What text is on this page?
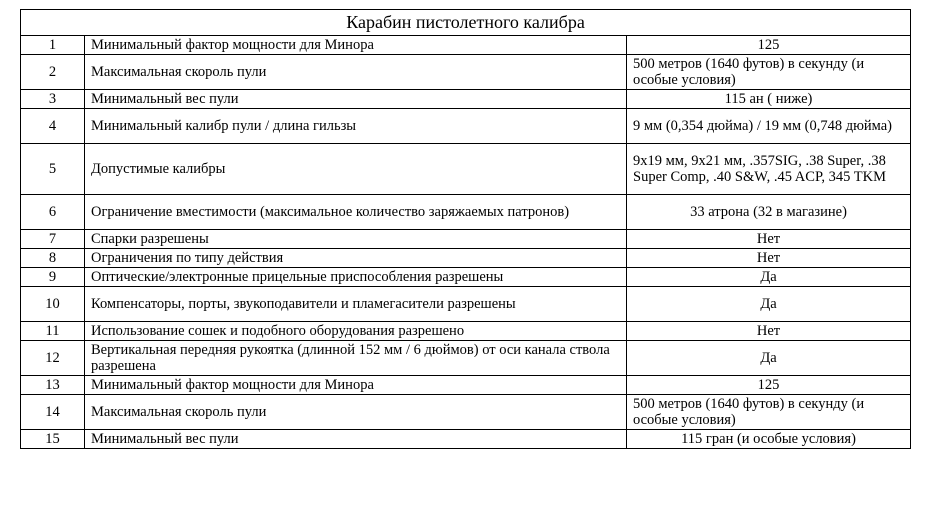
Карабин пистолетного калибра		
1	Минимальный фактор мощности для Минора	125
2	Максимальная скороль пули	500 метров (1640 футов) в секунду (и особые условия)
3	Минимальный вес пули	115 ан ( ниже)
4	Минимальный калибр пули / длина гильзы	9 мм (0,354 дюйма) / 19 мм (0,748 дюйма)
5	Допустимые калибры	9x19 мм, 9x21 мм, .357SIG, .38 Super, .38 Super Comp, .40 S&W, .45 ACP, 345 TKM
6	Ограничение вместимости (максимальное количество заряжаемых патронов)	33 атрона (32 в магазине)
7	Спарки разрешены	Нет
8	Ограничения по типу действия	Нет
9	Оптические/электронные прицельные приспособления разрешены	Да
10	Компенсаторы, порты, звукоподавители и пламегасители разрешены	Да
11	Использование сошек и подобного оборудования разрешено	Нет
12	Вертикальная передняя рукоятка (длинной 152 мм / 6 дюймов) от оси канала ствола разрешена	Да
13	Минимальный фактор мощности для Минора	125
14	Максимальная скороль пули	500 метров (1640 футов) в секунду (и особые условия)
15	Минимальный вес пули	115 гран (и особые условия)
